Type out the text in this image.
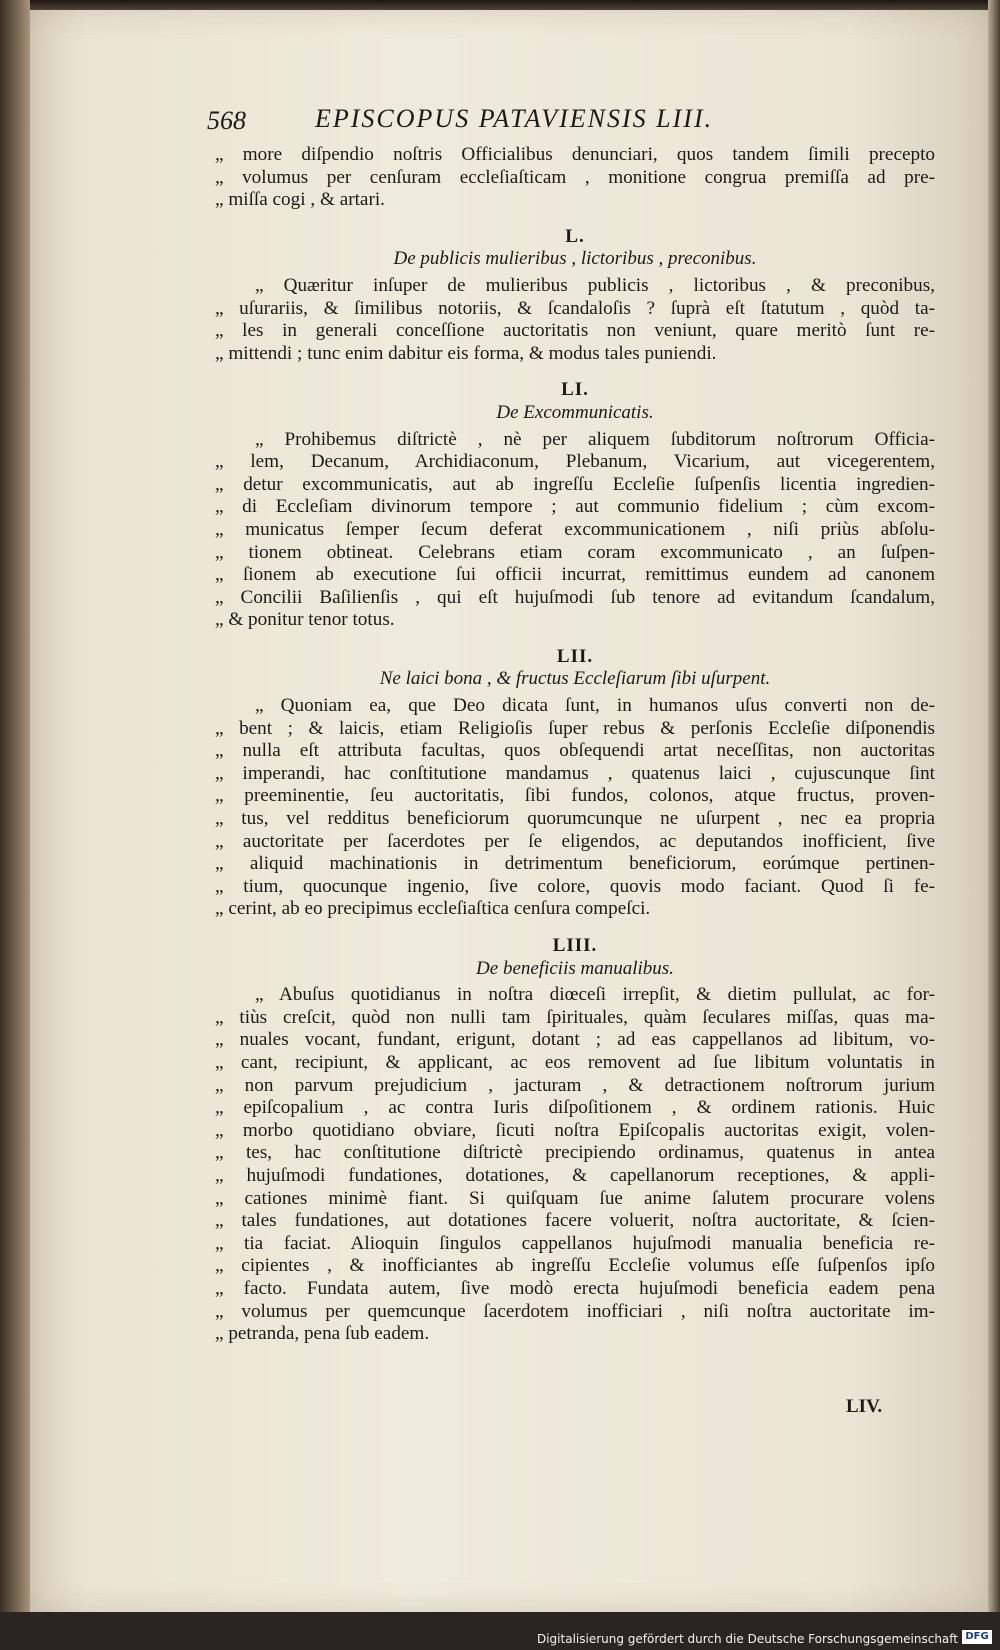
568	EPISCOPUS PATAVIENSIS LIII.
„ more diſpendio noſtris Officialibus denunciari, quos tandem ſimili precepto
„ volumus per cenſuram eccleſiaſticam , monitione congrua premiſſa ad pre-
„ miſſa cogi , & artari.
L.
De publicis mulieribus , lictoribus , preconibus.
„ Quæritur inſuper de mulieribus publicis , lictoribus , & preconibus,
„ uſurariis, & ſimilibus notoriis, & ſcandaloſis ? ſuprà eſt ſtatutum , quòd ta-
„ les in generali conceſſione auctoritatis non veniunt, quare meritò ſunt re-
„ mittendi ; tunc enim dabitur eis forma, & modus tales puniendi.
LI.
De Excommunicatis.
„ Prohibemus diſtrictè , nè per aliquem ſubditorum noſtrorum Officia-
„ lem, Decanum, Archidiaconum, Plebanum, Vicarium, aut vicegerentem,
„ detur excommunicatis, aut ab ingreſſu Eccleſie ſuſpenſis licentia ingredien-
„ di Eccleſiam divinorum tempore ; aut communio fidelium ; cùm excom-
„ municatus ſemper ſecum deferat excommunicationem , niſi priùs abſolu-
„ tionem obtineat. Celebrans etiam coram excommunicato , an ſuſpen-
„ ſionem ab executione ſui officii incurrat, remittimus eundem ad canonem
„ Concilii Baſilienſis , qui eſt hujuſmodi ſub tenore ad evitandum ſcandalum,
„ & ponitur tenor totus.
LII.
Ne laici bona , & fructus Eccleſiarum ſibi uſurpent.
„ Quoniam ea, que Deo dicata ſunt, in humanos uſus converti non de-
„ bent ; & laicis, etiam Religioſis ſuper rebus & perſonis Eccleſie diſponendis
„ nulla eſt attributa facultas, quos obſequendi artat neceſſitas, non auctoritas
„ imperandi, hac conſtitutione mandamus , quatenus laici , cujuscunque ſint
„ preeminentie, ſeu auctoritatis, ſibi fundos, colonos, atque fructus, proven-
„ tus, vel redditus beneficiorum quorumcunque ne uſurpent , nec ea propria
„ auctoritate per ſacerdotes per ſe eligendos, ac deputandos inofficient, ſive
„ aliquid machinationis in detrimentum beneficiorum, eorúmque pertinen-
„ tium, quocunque ingenio, ſive colore, quovis modo faciant. Quod ſi fe-
„ cerint, ab eo precipimus eccleſiaſtica cenſura compeſci.
LIII.
De beneficiis manualibus.
„ Abuſus quotidianus in noſtra diœceſi irrepſit, & dietim pullulat, ac for-
„ tiùs creſcit, quòd non nulli tam ſpirituales, quàm ſeculares miſſas, quas ma-
„ nuales vocant, fundant, erigunt, dotant ; ad eas cappellanos ad libitum, vo-
„ cant, recipiunt, & applicant, ac eos removent ad ſue libitum voluntatis in
„ non parvum prejudicium , jacturam , & detractionem noſtrorum jurium
„ epiſcopalium , ac contra Iuris diſpoſitionem , & ordinem rationis. Huic
„ morbo quotidiano obviare, ſicuti noſtra Epiſcopalis auctoritas exigit, volen-
„ tes, hac conſtitutione diſtrictè precipiendo ordinamus, quatenus in antea
„ hujuſmodi fundationes, dotationes, & capellanorum receptiones, & appli-
„ cationes minimè fiant. Si quiſquam ſue anime ſalutem procurare volens
„ tales fundationes, aut dotationes facere voluerit, noſtra auctoritate, & ſcien-
„ tia faciat. Alioquin ſingulos cappellanos hujuſmodi manualia beneficia re-
„ cipientes , & inofficiantes ab ingreſſu Eccleſie volumus eſſe ſuſpenſos ipſo
„ facto. Fundata autem, ſive modò erecta hujuſmodi beneficia eadem pena
„ volumus per quemcunque ſacerdotem inofficiari , niſi noſtra auctoritate im-
„ petranda, pena ſub eadem.
LIV.
Digitalisierung gefördert durch die Deutsche Forschungsgemeinschaft DFG
